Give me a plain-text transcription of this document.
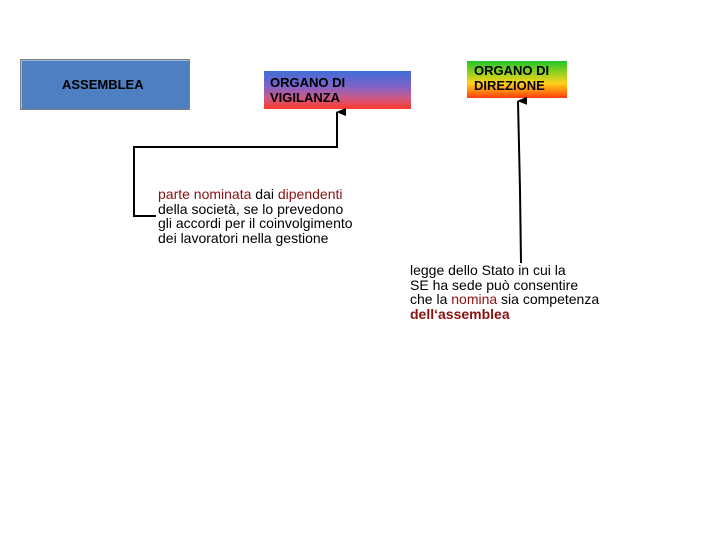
ASSEMBLEA	ORGANO DI
VIGILANZA
ORGANO DI
DIREZIONE
parte nominata dai dipendenti
della società, se lo prevedono
gli accordi per il coinvolgimento
dei lavoratori nella gestione
legge dello Stato in cui la
SE ha sede può consentire
che la nomina sia competenza
dell‘assemblea
